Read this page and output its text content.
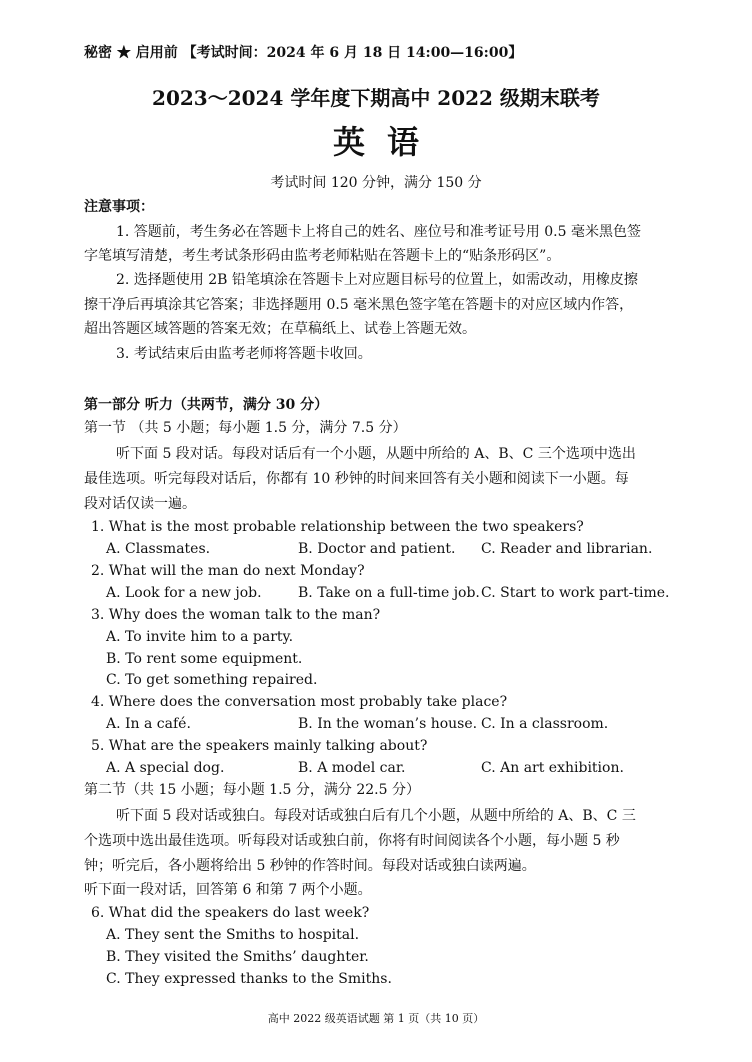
秘密 ★ 启用前 【考试时间：2024 年 6 月 18 日 14:00—16:00】
2023～2024 学年度下期高中 2022 级期末联考
英语
考试时间 120 分钟，满分 150 分
注意事项：
1. 答题前，考生务必在答题卡上将自己的姓名、座位号和准考证号用 0.5 毫米黑色签
字笔填写清楚，考生考试条形码由监考老师粘贴在答题卡上的“贴条形码区”。
2. 选择题使用 2B 铅笔填涂在答题卡上对应题目标号的位置上，如需改动，用橡皮擦
擦干净后再填涂其它答案；非选择题用 0.5 毫米黑色签字笔在答题卡的对应区域内作答，
超出答题区域答题的答案无效；在草稿纸上、试卷上答题无效。
3. 考试结束后由监考老师将答题卡收回。
第一部分 听力（共两节，满分 30 分）
第一节 （共 5 小题；每小题 1.5 分，满分 7.5 分）
听下面 5 段对话。每段对话后有一个小题，从题中所给的 A、B、C 三个选项中选出
最佳选项。听完每段对话后，你都有 10 秒钟的时间来回答有关小题和阅读下一小题。每
段对话仅读一遍。
1. What is the most probable relationship between the two speakers?
A. Classmates.	B. Doctor and patient. C. Reader and librarian.
2. What will the man do next Monday?
A. Look for a new job.	B. Take on a full-time job. C. Start to work part-time.
3. Why does the woman talk to the man?
A. To invite him to a party.
B. To rent some equipment.
C. To get something repaired.
4. Where does the conversation most probably take place?
A. In a café.	B. In the woman’s house. C. In a classroom.
5. What are the speakers mainly talking about?
A. A special dog.	B. A model car.	C. An art exhibition.
第二节（共 15 小题；每小题 1.5 分，满分 22.5 分）
听下面 5 段对话或独白。每段对话或独白后有几个小题，从题中所给的 A、B、C 三
个选项中选出最佳选项。听每段对话或独白前，你将有时间阅读各个小题，每小题 5 秒
钟；听完后，各小题将给出 5 秒钟的作答时间。每段对话或独白读两遍。
听下面一段对话，回答第 6 和第 7 两个小题。
6. What did the speakers do last week?
A. They sent the Smiths to hospital.
B. They visited the Smiths’ daughter.
C. They expressed thanks to the Smiths.
高中 2022 级英语试题 第 1 页（共 10 页）
